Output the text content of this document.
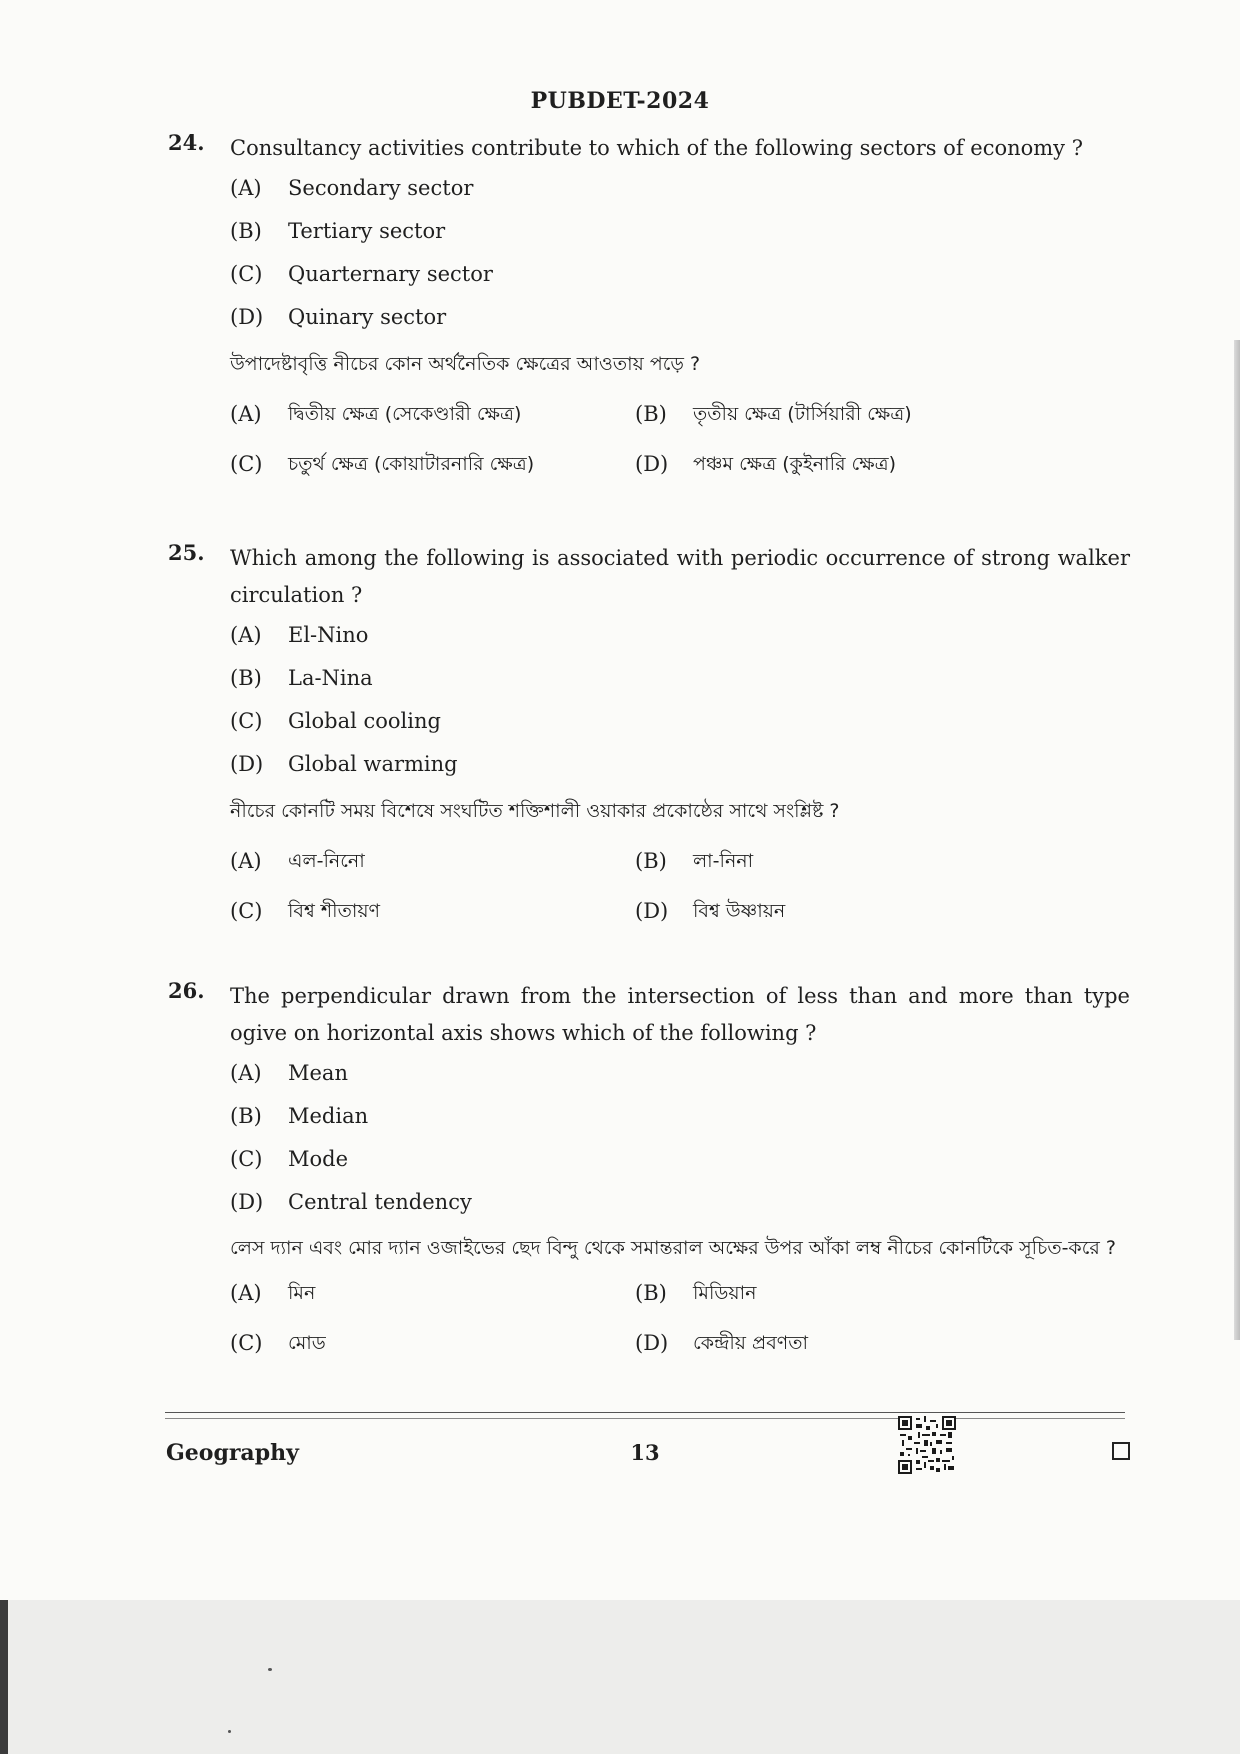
PUBDET-2024
24. Consultancy activities contribute to which of the following sectors of economy ?
(A)	Secondary sector
(B)	Tertiary sector
(C)	Quarternary sector
(D)	Quinary sector
উপাদেষ্টাবৃত্তি নীচের কোন অর্থনৈতিক ক্ষেত্রের আওতায় পড়ে ?
(A)	দ্বিতীয় ক্ষেত্র (সেকেণ্ডারী ক্ষেত্র)	(B)	তৃতীয় ক্ষেত্র (টার্সিয়ারী ক্ষেত্র)
(C)	চতুর্থ ক্ষেত্র (কোয়াটারনারি ক্ষেত্র)	(D)	পঞ্চম ক্ষেত্র (কুইনারি ক্ষেত্র)
25. Which among the following is associated with periodic occurrence of strong walker circulation ?
(A)	El-Nino
(B)	La-Nina
(C)	Global cooling
(D)	Global warming
নীচের কোনটি সময় বিশেষে সংঘটিত শক্তিশালী ওয়াকার প্রকোষ্ঠের সাথে সংশ্লিষ্ট ?
(A)	এল-নিনো	(B)	লা-নিনা
(C)	বিশ্ব শীতায়ণ	(D)	বিশ্ব উষ্ণায়ন
26. The perpendicular drawn from the intersection of less than and more than type ogive on horizontal axis shows which of the following ?
(A)	Mean
(B)	Median
(C)	Mode
(D)	Central tendency
লেস দ্যান এবং মোর দ্যান ওজাইভের ছেদ বিন্দু থেকে সমান্তরাল অক্ষের উপর আঁকা লম্ব নীচের কোনটিকে সূচিত-করে ?
(A)	মিন	(B)	মিডিয়ান
(C)	মোড	(D)	কেন্দ্রীয় প্রবণতা
Geography	13
